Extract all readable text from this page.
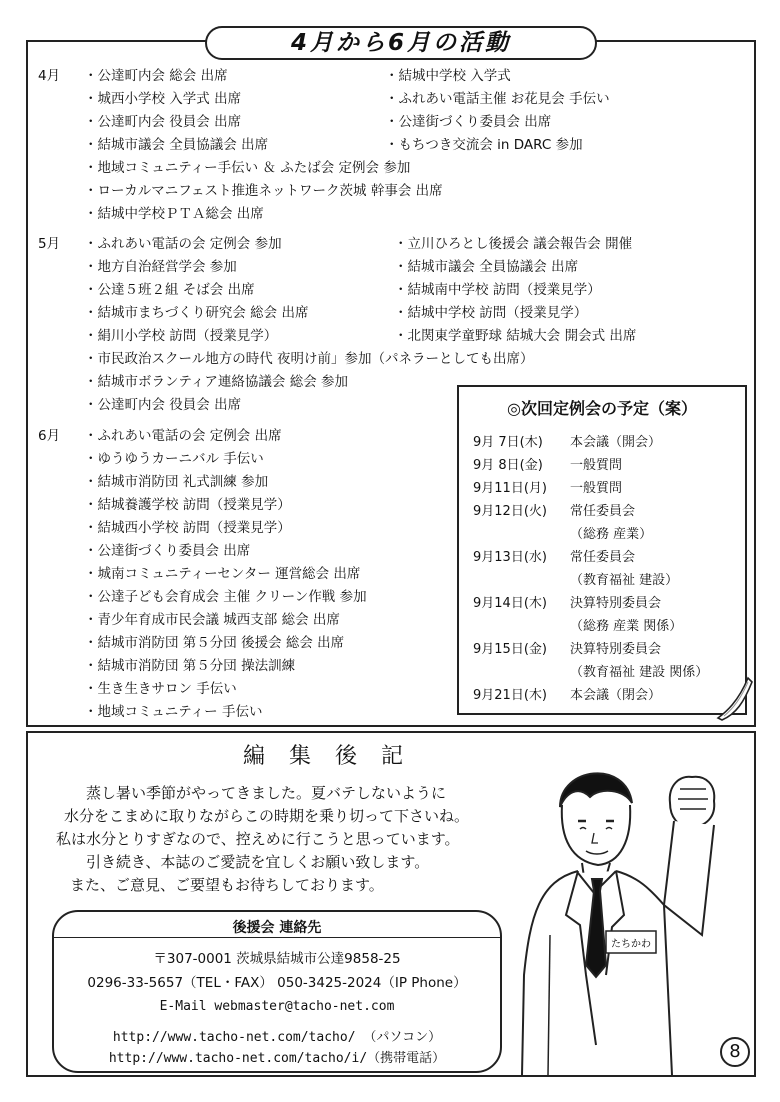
4月から6月の活動
4月 ・公達町内会 総会 出席
・城西小学校 入学式 出席
・公達町内会 役員会 出席
・結城市議会 全員協議会 出席
・結城中学校 入学式
・ふれあい電話主催 お花見会 手伝い
・公達街づくり委員会 出席
・もちつき交流会 in DARC 参加
・地域コミュニティー手伝い ＆ ふたば会 定例会 参加
・ローカルマニフェスト推進ネットワーク茨城 幹事会 出席
・結城中学校ＰＴＡ総会 出席
5月 ・ふれあい電話の会 定例会 参加
・地方自治経営学会 参加
・公達５班２組 そば会 出席
・結城市まちづくり研究会 総会 出席
・絹川小学校 訪問（授業見学）
・立川ひろとし後援会 議会報告会 開催
・結城市議会 全員協議会 出席
・結城南中学校 訪問（授業見学）
・結城中学校 訪問（授業見学）
・北関東学童野球 結城大会 開会式 出席
・市民政治スクール地方の時代 夜明け前」参加（パネラーとしても出席）
・結城市ボランティア連絡協議会 総会 参加
・公達町内会 役員会 出席
6月 ・ふれあい電話の会 定例会 出席
・ゆうゆうカーニバル 手伝い
・結城市消防団 礼式訓練 参加
・結城養護学校 訪問（授業見学）
・結城西小学校 訪問（授業見学）
・公達街づくり委員会 出席
・城南コミュニティーセンター 運営総会 出席
・公達子ども会育成会 主催 クリーン作戦 参加
・青少年育成市民会議 城西支部 総会 出席
・結城市消防団 第５分団 後援会 総会 出席
・結城市消防団 第５分団 操法訓練
・生き生きサロン 手伝い
・地域コミュニティー 手伝い
◎次回定例会の予定（案）
9月 7日(木) 本会議（開会）
9月 8日(金) 一般質問
9月11日(月) 一般質問
9月12日(火) 常任委員会
（総務 産業）
9月13日(水) 常任委員会
（教育福祉 建設）
9月14日(木) 決算特別委員会
（総務 産業 関係）
9月15日(金) 決算特別委員会
（教育福祉 建設 関係）
9月21日(木) 本会議（閉会）
編集後記
蒸し暑い季節がやってきました。夏バテしないように
水分をこまめに取りながらこの時期を乗り切って下さいね。
私は水分とりすぎなので、控えめに行こうと思っています。
引き続き、本誌のご愛読を宜しくお願い致します。
また、ご意見、ご要望もお待ちしております。
たちかわ
後援会 連絡先
〒307-0001 茨城県結城市公達9858-25
0296-33-5657（TEL・FAX） 050-3425-2024（IP Phone）
E-Mail webmaster@tacho-net.com
http://www.tacho-net.com/tacho/ （パソコン）
http://www.tacho-net.com/tacho/i/（携帯電話）	8
